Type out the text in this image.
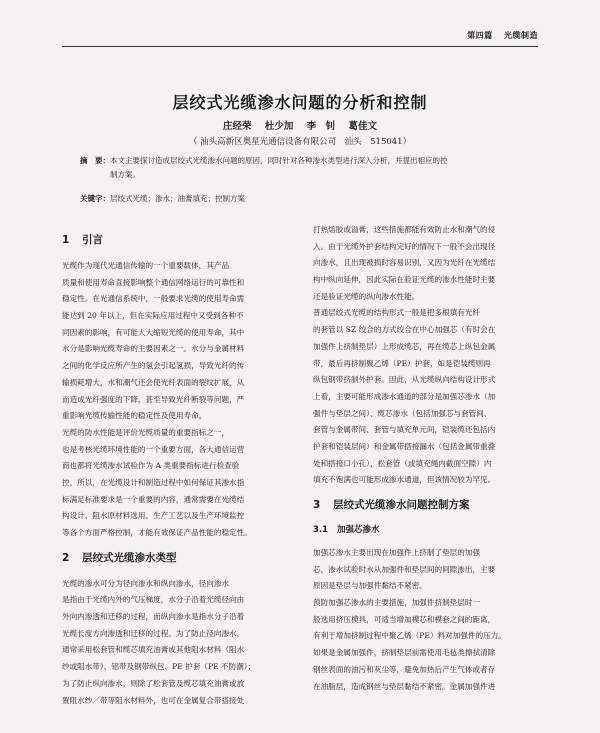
第四篇 光缆制造
层绞式光缆渗水问题的分析和控制
庄经荣 杜少加 李　钊 葛佳文
（ 汕头高新区奥星光通信设备有限公司　汕头　515041）
摘　要：本文主要探讨造成层绞式光缆渗水问题的原因，同时针对各种渗水类型进行深入分析，并提出相应的控
制方案。
关键字：层绞式光缆；渗水；油膏填充；控制方案
1 引言
光缆作为现代光通信传输的一个重要载体，其产品
质量和使用寿命直接影响整个通信网络运行的可靠性和
稳定性。在光通信系统中，一般要求光缆的使用寿命需
能达到 20 年以上，但在实际应用过程中又受到各种不
同因素的影响，有可能大大缩短光缆的使用寿命，其中
水分是影响光缆寿命的主要因素之一。水分与金属材料
之间的化学反应所产生的氢会引起氢损，导致光纤的传
输损耗增大，水和潮气还会使光纤表面的裂纹扩展，从
而造成光纤强度的下降，甚至导致光纤断裂等问题，严
重影响光缆传输性能的稳定性及使用寿命。
光缆的防水性能是评价光缆质量的重要指标之一，
也是考核光缆环境性能的一个重要方面，各大通信运营
商也都将光缆渗水试验作为 A 类重要指标进行检查验
控，所以，在光缆设计和制造过程中如何保证其渗水指
标满足标准要求是一个重要的内容，通常需要在光缆结
构设计、阻水原材料选用、生产工艺以及生产环境监控
等各个方面严格控制，才能有效保证产品性能的稳定性。
2 层绞式光缆渗水类型
光缆的渗水可分为径向渗水和纵向渗水，径向渗水
是指由于光缆内外的气压梯度，水分子沿着光缆径向由
外向内渗透和迁移的过程，而纵向渗水是指水分子沿着
光缆长度方向渗透和迁移的过程。为了防止径向渗水，
通常采用松套管和缆芯填充油膏或其他阻水材料（阻水
纱或阻水带）、铝带及钢带纵包、PE 护套（PE 不防潮）；
为了防止纵向渗水，则除了松套管及缆芯填充油膏或放
置阻水纱／带等阻水材料外，也可在金属复合带搭接处
打热熔胶或溢膏，这些措施都能有效防止水和潮气的侵
入。由于光缆外护套结构完好的情况下一般不会出现径
向渗水，且出现被损时容易识别，又因为光纤在光缆结
构中纵向延伸，因此实际在验证光缆的渗水性能时主要
还是验证光缆的纵向渗水性能。
普通层绞式光缆的结构形式一般是把多根填有光纤
的套管以 SZ 绞合的方式绞合在中心加强芯（有时会在
加强件上挤制垫层）上形成缆芯，再在缆芯上纵包金属
带，最后再挤制聚乙烯（PE）护套，如是铠装缆则再
纵包钢带挤制外护套。因此，从光缆纵向结构设计形式
上看，主要可能形成渗水通道的部分是加强芯渗水（加
强件与垫层之间）、缆芯渗水（包括加强芯与套管间、
套管与金属带间、套管与填充单元间，铠装缆还包括内
护套和铠装层间）和金属带搭接漏水（包括金属带重叠
处和搭接口小孔），松套管（或填充绳内截面空隙）内
填充不饱满也可能形成渗水通道，但该情况较为罕见。
3 层绞式光缆渗水问题控制方案
3.1 加强芯渗水
加强芯渗水主要出现在加强件上挤制了垫层的加强
芯，渗水试验时水从加强件和垫层间的间隙渗出，主要
原因是垫层与加强件黏结不紧密。
预防加强芯渗水的主要措施，加强件挤制垫层时一
般选用挤压模具，可适当增加模芯和模套之间的距离，
有利于增加挤制过程中聚乙烯（PE）料对加强件的压力。
如果是金属加强件，挤制垫层前需使用毛毡类擦拭清除
钢丝表面的油污和灰尘等，避免加热后产生气体或者存
在油脂层，造成钢丝与垫层黏结不紧密。金属加强件进
